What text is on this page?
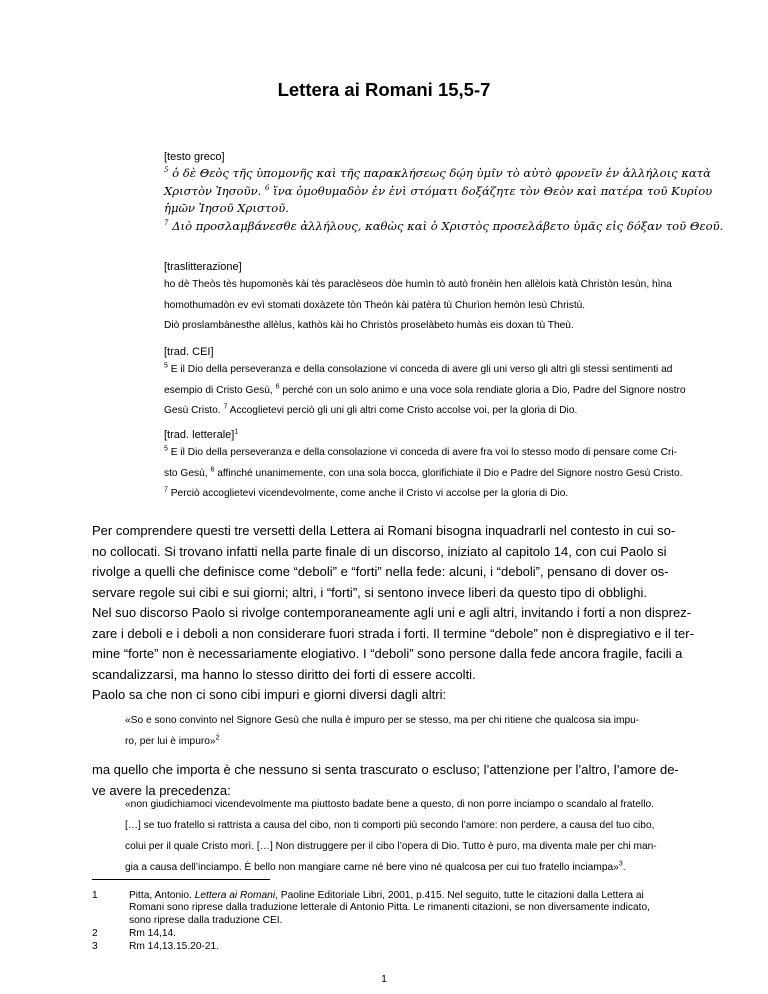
Lettera ai Romani 15,5-7
[testo greco]
$^5$ ὁ δὲ Θεὸς τῆς ὑπομονῆς καὶ τῆς παρακλήσεως δῴη ὑμῖν τὸ αὐτὸ φρονεῖν ἐν ἀλλήλοις κατὰ
Χριστὸν Ἰησοῦν. $^6$ ἵνα ὁμοθυμαδὸν ἐν ἑνὶ στόματι δοξάζητε τὸν Θεὸν καὶ πατέρα τοῦ Κυρίου
ἡμῶν Ἰησοῦ Χριστοῦ.
$^7$ Διὸ προσλαμβάνεσθε ἀλλήλους, καθὼς καὶ ὁ Χριστὸς προσελάβετο ὑμᾶς εἰς δόξαν τοῦ Θεοῦ.
[traslitterazione]
ho dè Theòs tès hupomonès kài tès paraclèseos dòe humìn tò autò fronèin hen allèlois katà Christòn Iesùn, hìna
homothumadòn ev evì stomati doxàzete tòn Theón kài patèra tù Churìon hemòn Iesù Christù.
Diò proslambànesthe allèlus, kathòs kài ho Christòs proselàbeto humàs eis doxan tù Theù.
[trad. CEI]
$^5$ E il Dio della perseveranza e della consolazione vi conceda di avere gli uni verso gli altri gli stessi sentimenti ad
esempio di Cristo Gesù, $^6$ perché con un solo animo e una voce sola rendiate gloria a Dio, Padre del Signore nostro
Gesù Cristo. $^7$ Accoglietevi perciò gli uni gli altri come Cristo accolse voi, per la gloria di Dio.
[trad. letterale]$^1$
$^5$ E il Dio della perseveranza e della consolazione vi conceda di avere fra voi lo stesso modo di pensare come Cri-
sto Gesù, $^6$ affinché unanimemente, con una sola bocca, glorifichiate il Dio e Padre del Signore nostro Gesù Cristo.
$^7$ Perciò accoglietevi vicendevolmente, come anche il Cristo vi accolse per la gloria di Dio.

Per comprendere questi tre versetti della Lettera ai Romani bisogna inquadrarli nel contesto in cui so-

no collocati. Si trovano infatti nella parte finale di un discorso, iniziato al capitolo 14, con cui Paolo si

rivolge a quelli che definisce come “deboli” e “forti” nella fede: alcuni, i “deboli”, pensano di dover os-

servare regole sui cibi e sui giorni; altri, i “forti”, si sentono invece liberi da questo tipo di obblighi.

Nel suo discorso Paolo si rivolge contemporaneamente agli uni e agli altri, invitando i forti a non disprez-

zare i deboli e i deboli a non considerare fuori strada i forti. Il termine “debole” non è dispregiativo e il ter-

mine “forte” non è necessariamente elogiativo. I “deboli” sono persone dalla fede ancora fragile, facili a

scandalizzarsi, ma hanno lo stesso diritto dei forti di essere accolti.

Paolo sa che non ci sono cibi impuri e giorni diversi dagli altri:

«So e sono convinto nel Signore Gesù che nulla è impuro per se stesso, ma per chi ritiene che qualcosa sia impu-

ro, per lui è impuro»$^2$

ma quello che importa è che nessuno si senta trascurato o escluso; l’attenzione per l’altro, l’amore de-

ve avere la precedenza:

«non giudichiamoci vicendevolmente ma piuttosto badate bene a questo, di non porre inciampo o scandalo al fratello.

[…] se tuo fratello si rattrista a causa del cibo, non ti comporti più secondo l’amore: non perdere, a causa del tuo cibo,

colui per il quale Cristo morì. […] Non distruggere per il cibo l’opera di Dio. Tutto è puro, ma diventa male per chi man-

gia a causa dell’inciampo. È bello non mangiare carne né bere vino né qualcosa per cui tuo fratello inciampa»$^3$.

1	Pitta, Antonio. Lettera ai Romani, Paoline Editoriale Libri, 2001, p.415. Nel seguito, tutte le citazioni dalla Lettera ai
Romani sono riprese dalla traduzione letterale di Antonio Pitta. Le rimanenti citazioni, se non diversamente indicato,
sono riprese dalla traduzione CEI.
2	Rm 14,14.
3	Rm 14,13.15.20-21.
1
